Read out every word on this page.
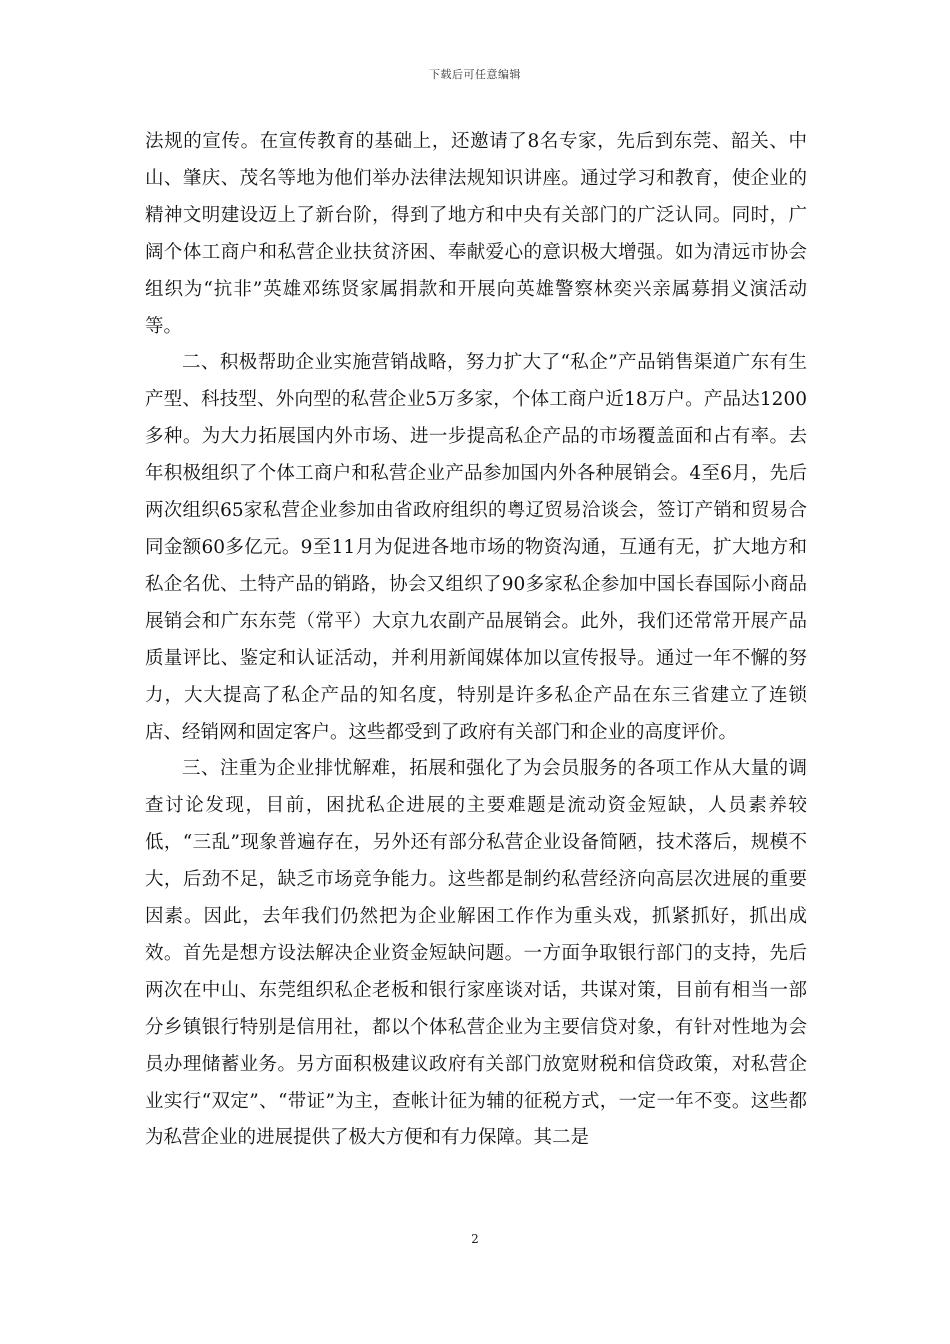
下载后可任意编辑

法规的宣传。在宣传教育的基础上，还邀请了8名专家，先后到东莞、韶关、中山、肇庆、茂名等地为他们举办法律法规知识讲座。通过学习和教育，使企业的精神文明建设迈上了新台阶，得到了地方和中央有关部门的广泛认同。同时，广阔个体工商户和私营企业扶贫济困、奉献爱心的意识极大增强。如为清远市协会组织为“抗非”英雄邓练贤家属捐款和开展向英雄警察林奕兴亲属募捐义演活动等。

二、积极帮助企业实施营销战略，努力扩大了“私企”产品销售渠道广东有生产型、科技型、外向型的私营企业5万多家，个体工商户近18万户。产品达1200多种。为大力拓展国内外市场、进一步提高私企产品的市场覆盖面和占有率。去年积极组织了个体工商户和私营企业产品参加国内外各种展销会。4至6月，先后两次组织65家私营企业参加由省政府组织的粤辽贸易洽谈会，签订产销和贸易合同金额60多亿元。9至11月为促进各地市场的物资沟通，互通有无，扩大地方和私企名优、土特产品的销路，协会又组织了90多家私企参加中国长春国际小商品展销会和广东东莞（常平）大京九农副产品展销会。此外，我们还常常开展产品质量评比、鉴定和认证活动，并利用新闻媒体加以宣传报导。通过一年不懈的努力，大大提高了私企产品的知名度，特别是许多私企产品在东三省建立了连锁店、经销网和固定客户。这些都受到了政府有关部门和企业的高度评价。

三、注重为企业排忧解难，拓展和强化了为会员服务的各项工作从大量的调查讨论发现，目前，困扰私企进展的主要难题是流动资金短缺，人员素养较低，“三乱”现象普遍存在，另外还有部分私营企业设备简陋，技术落后，规模不大，后劲不足，缺乏市场竞争能力。这些都是制约私营经济向高层次进展的重要因素。因此，去年我们仍然把为企业解困工作作为重头戏，抓紧抓好，抓出成效。首先是想方设法解决企业资金短缺问题。一方面争取银行部门的支持，先后两次在中山、东莞组织私企老板和银行家座谈对话，共谋对策，目前有相当一部分乡镇银行特别是信用社，都以个体私营企业为主要信贷对象，有针对性地为会员办理储蓄业务。另方面积极建议政府有关部门放宽财税和信贷政策，对私营企业实行“双定”、“带证”为主，查帐计征为辅的征税方式，一定一年不变。这些都为私营企业的进展提供了极大方便和有力保障。其二是

2
